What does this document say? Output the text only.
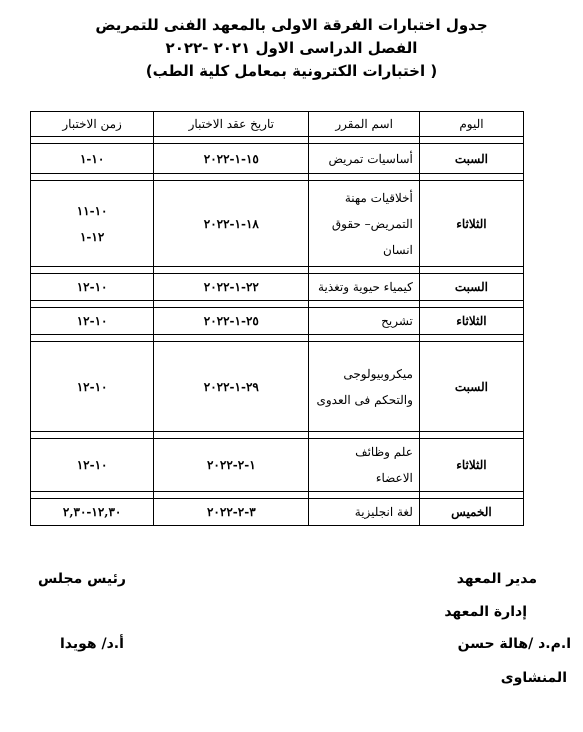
جدول اختبارات الفرقة الاولى بالمعهد الفنى للتمريض
الفصل الدراسى الاول ٢٠٢١ -٢٠٢٢
( اختبارات الكترونية بمعامل كلية الطب)
اليوم	اسم المقرر	تاريخ عقد الاختبار	زمن الاختبار

السبت	أساسيات تمريض	١٥-١-٢٠٢٢	١٠-١

الثلاثاء	أخلاقيات مهنة التمريض– حقوق انسان	١٨-١-٢٠٢٢	١٠-١١
١٢-١

السبت	كيمياء حيوية وتغذية	٢٢-١-٢٠٢٢	١٠-١٢

الثلاثاء	تشريح	٢٥-١-٢٠٢٢	١٠-١٢

السبت	ميكروبيولوجى والتحكم فى العدوى	٢٩-١-٢٠٢٢	١٠-١٢

الثلاثاء	علم وظائف الاعضاء	١-٢-٢٠٢٢	١٠-١٢

الخميس	لغة انجليزية	٣-٢-٢٠٢٢	١٢,٣٠-٢,٣٠
مدير المعهد
إدارة المعهد
ا.م.د /هالة حسن
المنشاوى
رئيس مجلس
أ.د/ هويدا
